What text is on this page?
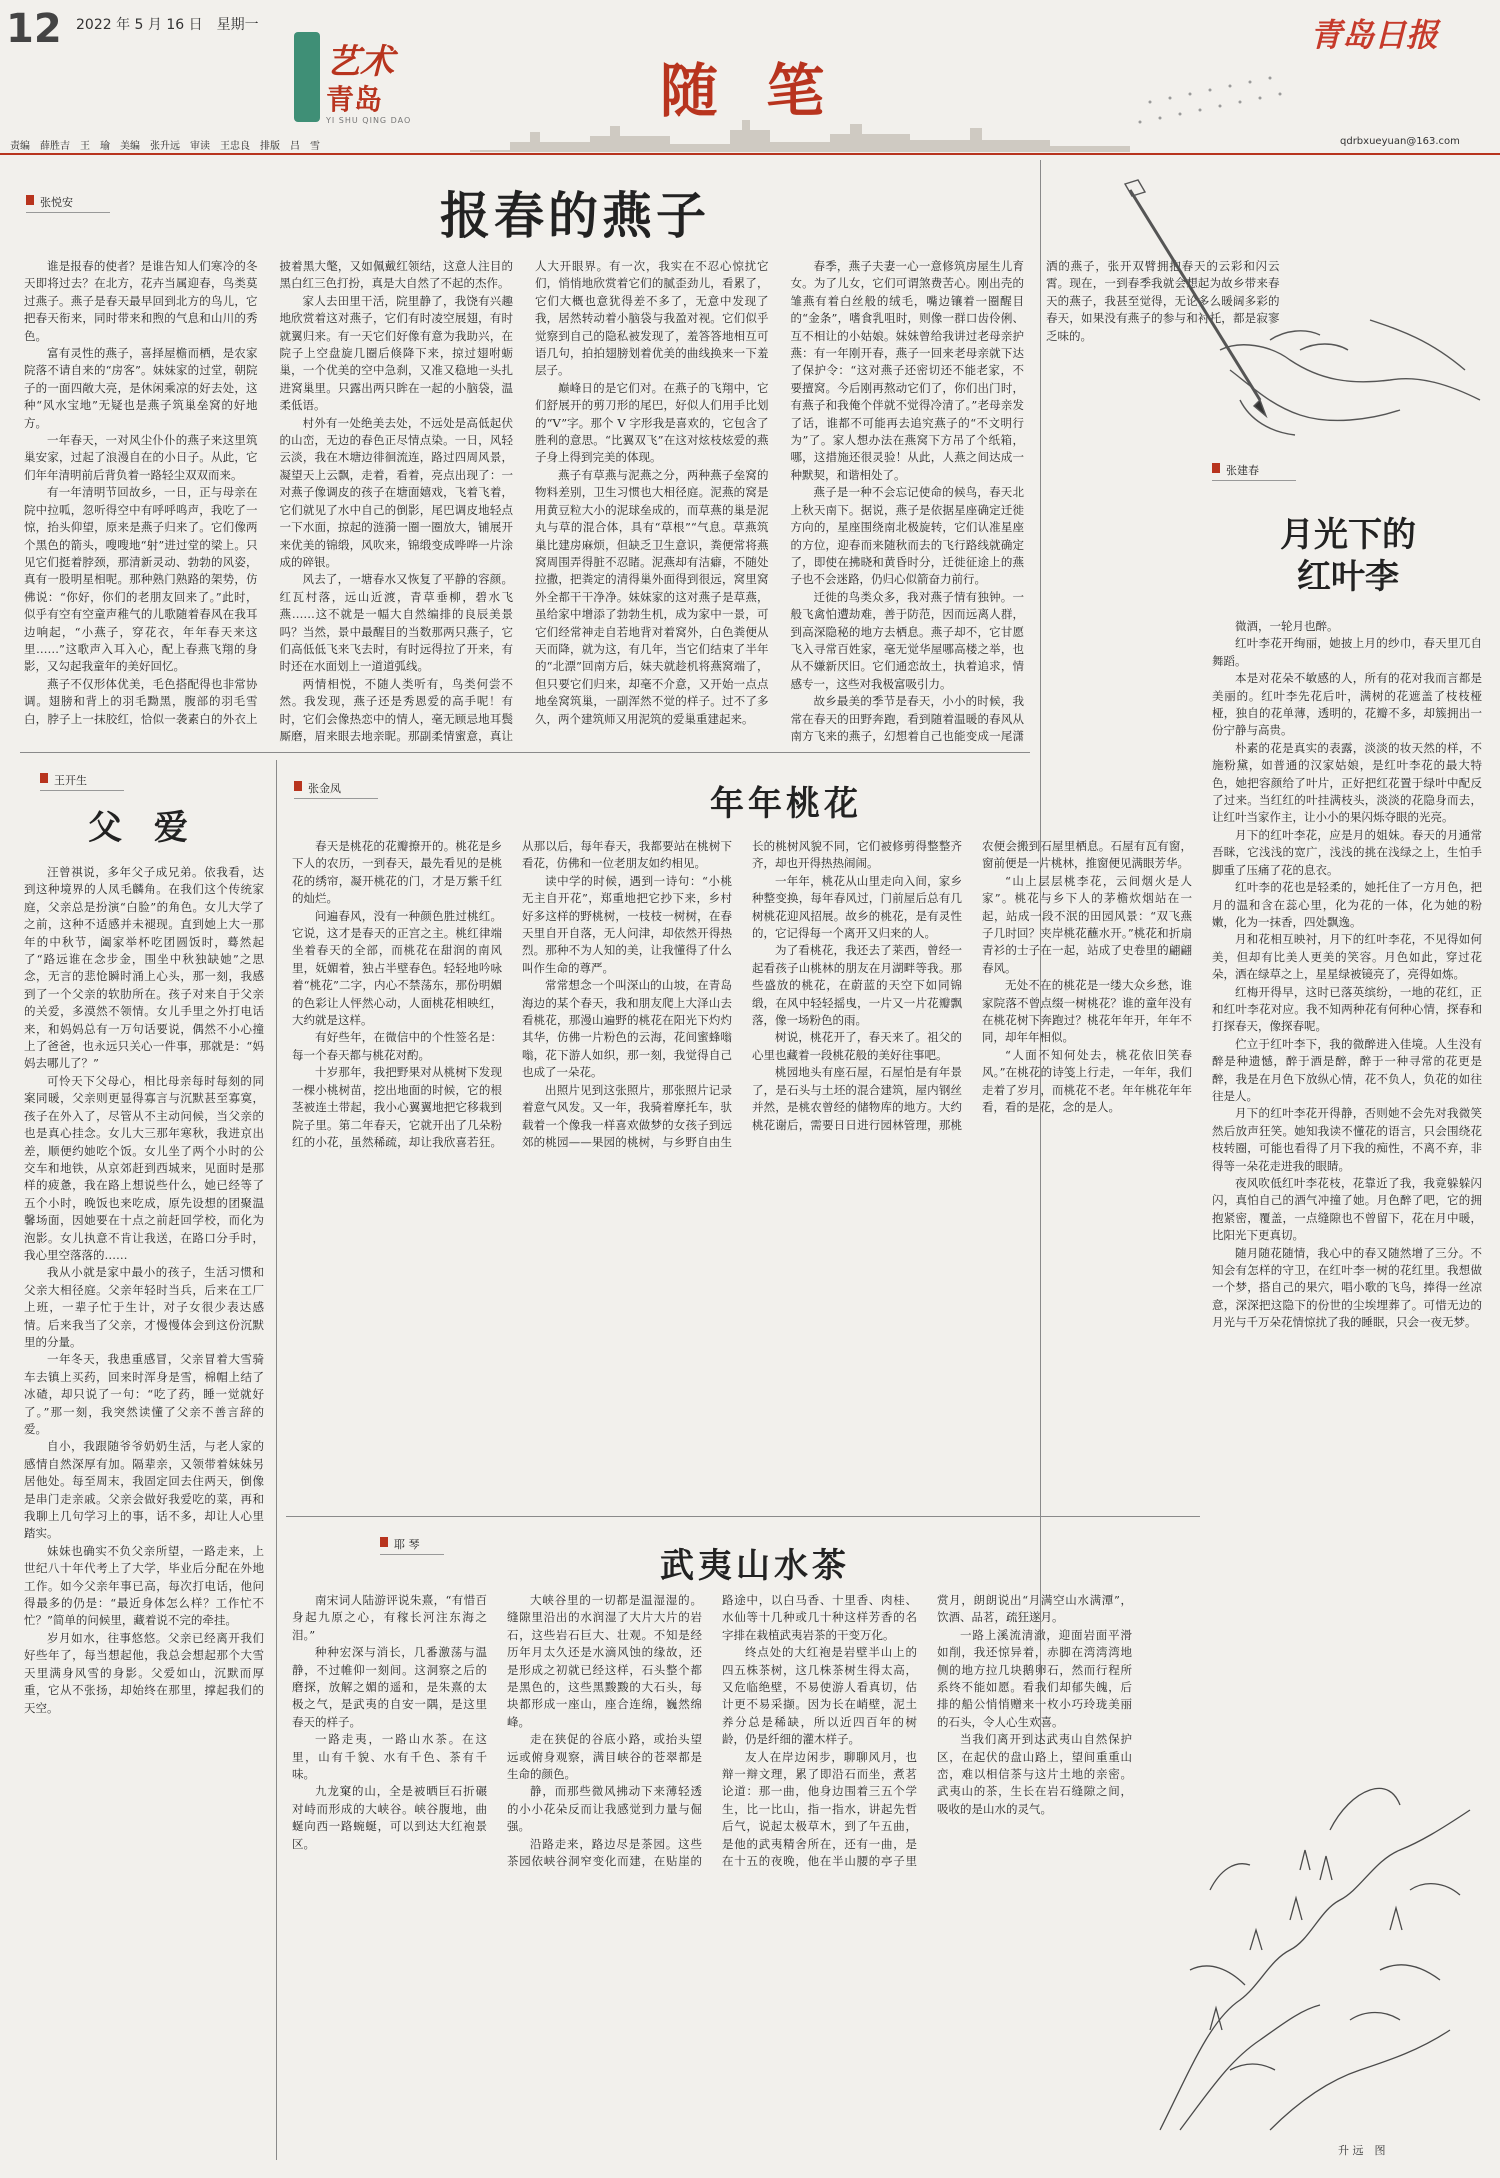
12 2022 年 5 月 16 日　星期一
艺术
青岛
YI SHU QING DAO	随 笔
青岛日报
qdrbxueyuan@163.com
责编　薛胜吉　王　瑜　美编　张升远　审读　王忠良　排版　吕　雪
张悦安	报春的燕子

谁是报春的使者？是谁告知人们寒冷的冬天即将过去？在北方，花卉当属迎春，鸟类莫过燕子。燕子是春天最早回到北方的鸟儿，它把春天衔来，同时带来和煦的气息和山川的秀色。

富有灵性的燕子，喜择屋檐而栖，是农家院落不请自来的“房客”。妹妹家的过堂，朝院子的一面四敞大亮，是休闲乘凉的好去处，这种“风水宝地”无疑也是燕子筑巢垒窝的好地方。

一年春天，一对风尘仆仆的燕子来这里筑巢安家，过起了浪漫自在的小日子。从此，它们年年清明前后背负着一路轻尘双双而来。

有一年清明节回故乡，一日，正与母亲在院中拉呱，忽听得空中有呼呼鸣声，我吃了一惊，抬头仰望，原来是燕子归来了。它们像两个黑色的箭头，嗖嗖地“射”进过堂的梁上。只见它们挺着脖颈，那清新灵动、勃勃的风姿，真有一股明星相呢。那种熟门熟路的架势，仿佛说：“你好，你们的老朋友回来了。”此时，似乎有空有空童声稚气的儿歌随着春风在我耳边响起，“小燕子，穿花衣，年年春天来这里……”这歌声入耳入心，配上春燕飞翔的身影，又勾起我童年的美好回忆。

燕子不仅形体优美，毛色搭配得也非常协调。翅膀和背上的羽毛黝黑，腹部的羽毛雪白，脖子上一抹胶红，恰似一袭素白的外衣上披着黑大氅，又如佩戴红领结，这意人注目的黑白红三色打扮，真是大自然了不起的杰作。

家人去田里干活，院里静了，我饶有兴趣地欣赏着这对燕子，它们有时凌空展翅，有时就翼归来。有一天它们好像有意为我助兴，在院子上空盘旋几圈后倏降下来，掠过翅咐蛎巢，一个优美的空中急刹，又准又稳地一头扎进窝巢里。只露出两只眸在一起的小脑袋，温柔低语。

村外有一处绝美去处，不远处是高低起伏的山峦，无边的春色正尽情点染。一日，风轻云淡，我在木塘边徘徊流连，路过四周风景，凝望天上云飘，走着，看着，亮点出现了：一对燕子像调皮的孩子在塘面嬉戏，飞着飞着，它们就见了水中自己的倒影，尾巴调皮地轻点一下水面，掠起的涟漪一圈一圈放大，铺展开来优美的锦缎，风吹来，锦缎变成哗哗一片涂成的碎银。

风去了，一塘春水又恢复了平静的容颜。红瓦村落，远山近渡，青草垂柳，碧水飞燕……这不就是一幅大自然编排的良辰美景吗？当然，景中最醒目的当数那两只燕子，它们高低低飞来飞去时，有时远得拉了开来，有时还在水面划上一道道弧线。

两情相悦，不随人类听有，鸟类何尝不然。我发现，燕子还是秀恩爱的高手呢！有时，它们会像热恋中的情人，毫无顾忌地耳鬓厮磨，眉来眼去地亲昵。那副柔情蜜意，真让人大开眼界。有一次，我实在不忍心惊扰它们，悄悄地欣赏着它们的腻歪劲儿，看累了，它们大概也意犹得差不多了，无意中发现了我，居然转动着小脑袋与我盈对视。它们似乎觉察到自己的隐私被发现了，羞答答地相互可语几句，拍拍翅膀划着优美的曲线换来一下羞层子。

巅峰日的是它们对。在燕子的飞翔中，它们舒展开的剪刀形的尾巴，好似人们用手比划的“V”字。那个 V 字形我是喜欢的，它包含了胜利的意思。“比翼双飞”在这对炫枝炫爱的燕子身上得到完美的体现。

燕子有草燕与泥燕之分，两种燕子垒窝的物料差别，卫生习惯也大相径庭。泥燕的窝是用黄豆粒大小的泥球垒成的，而草燕的巢是泥丸与草的混合体，具有“草根”“气息。草燕筑巢比建房麻烦，但缺乏卫生意识，粪便常将燕窝周围弄得脏不忍睹。泥燕却有洁癖，不随处拉撒，把粪定的清得巢外面得到很远，窝里窝外全都干干净净。妹妹家的这对燕子是草燕，虽给家中增添了勃勃生机，成为家中一景，可它们经常神走自若地背对着窝外，白色粪便从天而降，就为这，有几年，当它们结束了半年的“北漂”回南方后，妹夫就趁机将燕窝端了，但只要它们归来，却毫不介意，又开始一点点地垒窝筑巢，一副浑然不觉的样子。过不了多久，两个建筑师又用泥筑的爱巢重建起来。

春季，燕子夫妻一心一意修筑房屋生儿育女。为了儿女，它们可谓煞费苦心。刚出壳的雏燕有着白丝般的绒毛，嘴边镶着一圈醒目的“金条”，嗜食乳咀时，则像一群口齿伶俐、互不相让的小姑娘。妹妹曾给我讲过老母亲护燕：有一年刚开春，燕子一回来老母亲就下达了保护令：“这对燕子还密切还不能老家，不要擅窝。今后刚再熬动它们了，你们出门时，有燕子和我俺个伴就不觉得冷清了。”老母亲发了话，谁都不可能再去追究燕子的“不文明行为”了。家人想办法在燕窝下方吊了个纸箱，哪，这措施还很灵验！从此，人燕之间达成一种默契，和谐相处了。

燕子是一种不会忘记使命的候鸟，春天北上秋天南下。据说，燕子是依据星座确定迁徙方向的，星座围绕南北极旋转，它们认准星座的方位，迎春而来随秋而去的飞行路线就确定了，即使在拂晓和黄昏时分，迁徙征途上的燕子也不会迷路，仍归心似箭奋力前行。

迁徙的鸟类众多，我对燕子情有独钟。一般飞禽怕遭劫难，善于防范，因而远离人群，到高深隐秘的地方去栖息。燕子却不，它甘愿飞入寻常百姓家，毫无觉华屋哪高楼之举，也从不嫌新厌旧。它们通恋故土，执着追求，情感专一，这些对我极富吸引力。

故乡最美的季节是春天，小小的时候，我常在春天的田野奔跑，看到随着温暖的春风从南方飞来的燕子，幻想着自己也能变成一尾潇洒的燕子，张开双臂拥抱春天的云彩和闪云霄。现在，一到春季我就会想起为故乡带来春天的燕子，我甚至觉得，无论多么暖阔多彩的春天，如果没有燕子的参与和衬托，都是寂寥乏味的。

张建春
月光下的
红叶李

微酒，一轮月也醉。

红叶李花开绚丽，她披上月的纱巾，春天里兀自舞蹈。

本是对花朵不敏感的人，所有的花对我而言都是美丽的。红叶李先花后叶，满树的花遮盖了枝枝桠桠，独自的花单薄，透明的，花瓣不多，却簇拥出一份宁静与高贵。

朴素的花是真实的表露，淡淡的妆天然的样，不施粉黛，如普通的汉家姑娘，是红叶李花的最大特色，她把容颜给了叶片，正好把红花置于绿叶中配反了过来。当红红的叶挂满枝头，淡淡的花隐身而去，让红叶当家作主，让小小的果闪烁夺眼的光亮。

月下的红叶李花，应是月的姐妹。春天的月通常吾眯，它浅浅的宽广，浅浅的挑在浅绿之上，生怕手脚重了压痛了花的息衣。

红叶李的花也是轻柔的，她托住了一方月色，把月的温和含在蕊心里，化为花的一体，化为她的粉嫩，化为一抹香，四处飘逸。

月和花相互映衬，月下的红叶李花，不见得如何美，但却有比美人更美的笑容。月色如此，穿过花朵，洒在绿草之上，星星绿被镜亮了，亮得如炼。

红梅开得早，这时已落英缤纷，一地的花红，正和红叶李花对应。我不知两种花有何种心情，探春和打探春天，像探春呢。

伫立于红叶李下，我的微醉进入佳境。人生没有醉是种遗憾，醉于酒是醉，醉于一种寻常的花更是醉，我是在月色下放纵心情，花不负人，负花的如往往是人。

月下的红叶李花开得静，否则她不会先对我微笑然后放声狂笑。她知我读不懂花的语言，只会围绕花枝转圈，可能也看得了月下我的痴性，不离不弃，非得等一朵花走进我的眼睛。

夜风吹低红叶李花枝，花靠近了我，我竟躲躲闪闪，真怕自己的酒气冲撞了她。月色醉了吧，它的拥抱紧密，覆盖，一点缝隙也不曾留下，花在月中暖，比阳光下更真切。

随月随花随情，我心中的春又随然增了三分。不知会有怎样的守卫，在红叶李一树的花红里。我想做一个梦，搭自己的果穴，唱小歌的飞鸟，捧得一丝凉意，深深把这隐下的份世的尘埃埋葬了。可惜无边的月光与千万朵花情惊扰了我的睡眠，只会一夜无梦。

王开生
父 爱

汪曾祺说，多年父子成兄弟。依我看，达到这种境界的人凤毛麟角。在我们这个传统家庭，父亲总是扮演“白脸”的角色。女儿大学了之前，这种不适感并未褪现。直到她上大一那年的中秋节，阖家举杯吃团圆饭时，蓦然起了“路远谁在念步金，围坐中秋独缺她”之思念，无言的悲怆瞬时涌上心头，那一刻，我感到了一个父亲的软肋所在。孩子对来自于父亲的关爱，多漠然不领情。女儿手里之外打电话来，和妈妈总有一万句话要说，偶然不小心撞上了爸爸，也永远只关心一件事，那就是：“妈妈去哪儿了？”

可怜天下父母心，相比母亲每时每刻的同案同暖，父亲则更显得寡言与沉默甚至寡寞，孩子在外入了，尽管从不主动问候，当父亲的也是真心挂念。女儿大三那年寒秋，我进京出差，顺便约她吃个饭。女儿坐了两个小时的公交车和地铁，从京郊赶到西城来，见面时是那样的疲惫，我在路上想说些什么，她已经等了五个小时，晚饭也来吃成，原先设想的团聚温馨场面，因她要在十点之前赶回学校，而化为泡影。女儿执意不肯让我送，在路口分手时，我心里空落落的……

我从小就是家中最小的孩子，生活习惯和父亲大相径庭。父亲年轻时当兵，后来在工厂上班，一辈子忙于生计，对子女很少表达感情。后来我当了父亲，才慢慢体会到这份沉默里的分量。

一年冬天，我患重感冒，父亲冒着大雪骑车去镇上买药，回来时浑身是雪，棉帽上结了冰碴，却只说了一句：“吃了药，睡一觉就好了。”那一刻，我突然读懂了父亲不善言辞的爱。

自小，我跟随爷爷奶奶生活，与老人家的感情自然深厚有加。隔辈亲，又领带着妹妹另居他处。每至周末，我固定回去住两天，倒像是串门走亲戚。父亲会做好我爱吃的菜，再和我聊上几句学习上的事，话不多，却让人心里踏实。

妹妹也确实不负父亲所望，一路走来，上世纪八十年代考上了大学，毕业后分配在外地工作。如今父亲年事已高，每次打电话，他问得最多的仍是：“最近身体怎么样？工作忙不忙？”简单的问候里，藏着说不完的牵挂。

岁月如水，往事悠悠。父亲已经离开我们好些年了，每当想起他，我总会想起那个大雪天里满身风雪的身影。父爱如山，沉默而厚重，它从不张扬，却始终在那里，撑起我们的天空。

张金凤	年年桃花

春天是桃花的花瓣撩开的。桃花是乡下人的农历，一到春天，最先看见的是桃花的绣帘，凝开桃花的门，才是万紫千红的灿烂。

问遍春风，没有一种颜色胜过桃红。它说，这才是春天的正宫之主。桃红律端坐着春天的全部，而桃花在甜润的南风里，妩媚着，独占半壁春色。轻轻地吟咏着“桃花”二字，内心不禁荡东，那份明媚的色彩让人怦然心动，人面桃花相映红，大约就是这样。

有好些年，在微信中的个性签名是：每一个春天都与桃花对酌。

十岁那年，我把野果对从桃树下发现一棵小桃树苗，挖出地面的时候，它的根茎被连土带起，我小心翼翼地把它移栽到院子里。第二年春天，它就开出了几朵粉红的小花，虽然稀疏，却让我欣喜若狂。从那以后，每年春天，我都要站在桃树下看花，仿佛和一位老朋友如约相见。

读中学的时候，遇到一诗句：“小桃无主自开花”，郑重地把它抄下来，乡村好多这样的野桃树，一枝枝一树树，在春天里自开自落，无人问津，却依然开得热烈。那种不为人知的美，让我懂得了什么叫作生命的尊严。

常常想念一个叫深山的山坡，在青岛海边的某个春天，我和朋友爬上大泽山去看桃花，那漫山遍野的桃花在阳光下灼灼其华，仿佛一片粉色的云海，花间蜜蜂嗡嗡，花下游人如织，那一刻，我觉得自己也成了一朵花。

出照片见到这张照片，那张照片记录着意气风发。又一年，我骑着摩托车，驮载着一个像我一样喜欢做梦的女孩子到远郊的桃园——果园的桃树，与乡野自由生长的桃树风貌不同，它们被修剪得整整齐齐，却也开得热热闹闹。

一年年，桃花从山里走向入间，家乡种整变换，每年春风过，门前屋后总有几树桃花迎风招展。故乡的桃花，是有灵性的，它记得每一个离开又归来的人。

为了看桃花，我还去了莱西，曾经一起看孩子山桃林的朋友在月湖畔等我。那些盛放的桃花，在蔚蓝的天空下如同锦缎，在风中轻轻摇曳，一片又一片花瓣飘落，像一场粉色的雨。

树说，桃花开了，春天来了。祖父的心里也藏着一段桃花般的美好往事吧。

桃园地头有座石屋，石屋怕是有年景了，是石头与土坯的混合建筑，屋内钢丝并然，是桃农曾经的储物库的地方。大约桃花谢后，需要日日进行园林管理，那桃农便会搬到石屋里栖息。石屋有瓦有窗，窗前便是一片桃林，推窗便见满眼芳华。

“山上层层桃李花，云间烟火是人家”。桃花与乡下人的茅檐炊烟站在一起，站成一段不泯的田园风景：“双飞燕子几时回？夹岸桃花蘸水开。”桃花和折扇青衫的士子在一起，站成了史卷里的翩翩春风。

无处不在的桃花是一缕大众乡愁，谁家院落不曾点缀一树桃花？谁的童年没有在桃花树下奔跑过？桃花年年开，年年不同，却年年相似。

“人面不知何处去，桃花依旧笑春风。”在桃花的诗笺上行走，一年年，我们走着了岁月，而桃花不老。年年桃花年年看，看的是花，念的是人。

耶 琴
武夷山水茶

南宋词人陆游评说朱熹，“有惜百身起九原之心，有稼长河注东海之泪。”

种种宏深与消长，几番激荡与温静，不过帷仰一刻间。这洞察之后的磨探，放解之媚的遥和，是朱熹的太极之气，是武夷的自安一隅，是这里春天的样子。

一路走夷，一路山水茶。在这里，山有千貌、水有千色、茶有千味。

九龙窠的山，全是被晒巨石折碾对峙而形成的大峡谷。峡谷腹地，曲蜒向西一路蜿蜒，可以到达大红袍景区。

大峡谷里的一切都是温湿湿的。缝隙里沿出的水润湿了大片大片的岩石，这些岩石巨大、壮观。不知是经历年月太久还是水滴风蚀的缘故，还是形成之初就已经这样，石头整个都是黑色的，这些黑黢黢的大石头，每块都形成一座山，座合连绵，巍然绵峰。

走在狭促的谷底小路，或抬头望远或俯身观察，满目峡谷的苍翠都是生命的颜色。

静，而那些微风拂动下来薄轻透的小小花朵反而让我感觉到力量与倔强。

沿路走来，路边尽是茶园。这些茶园依峡谷洞窄变化而建，在贴崖的路途中，以白马香、十里香、肉桂、水仙等十几种或几十种这样芳香的名字排在栽植武夷岩茶的干变万化。

终点处的大红袍是岩壁半山上的四五株茶树，这几株茶树生得太高，又危临绝壁，不易使游人看真切，估计更不易采撷。因为长在峭壁，泥土养分总是稀缺，所以近四百年的树龄，仍是纤细的灌木样子。

友人在岸边闲步，聊聊风月，也辩一辩文理，累了即沿石而坐，煮茗论道：那一曲，他身边围着三五个学生，比一比山，指一指水，讲起先哲后气，说起太极草木，到了午五曲，是他的武夷精舍所在，还有一曲，是在十五的夜晚，他在半山腰的亭子里赏月，朗朗说出“月满空山水满潭”，饮酒、品茗，疏狂遂月。

一路上溪流清澈，迎面岩面平滑如削，我还惊异着，赤脚在湾湾湾地侧的地方拉几块鹅卵石，然而行程所系终不能如愿。看我们却郁失魄，后排的船公悄悄赠来一枚小巧玲珑美丽的石头，令人心生欢喜。

当我们离开到达武夷山自然保护区，在起伏的盘山路上，望间重重山峦，难以相信茶与这片土地的亲密。武夷山的茶，生长在岩石缝隙之间，吸收的是山水的灵气。

升 远　图
